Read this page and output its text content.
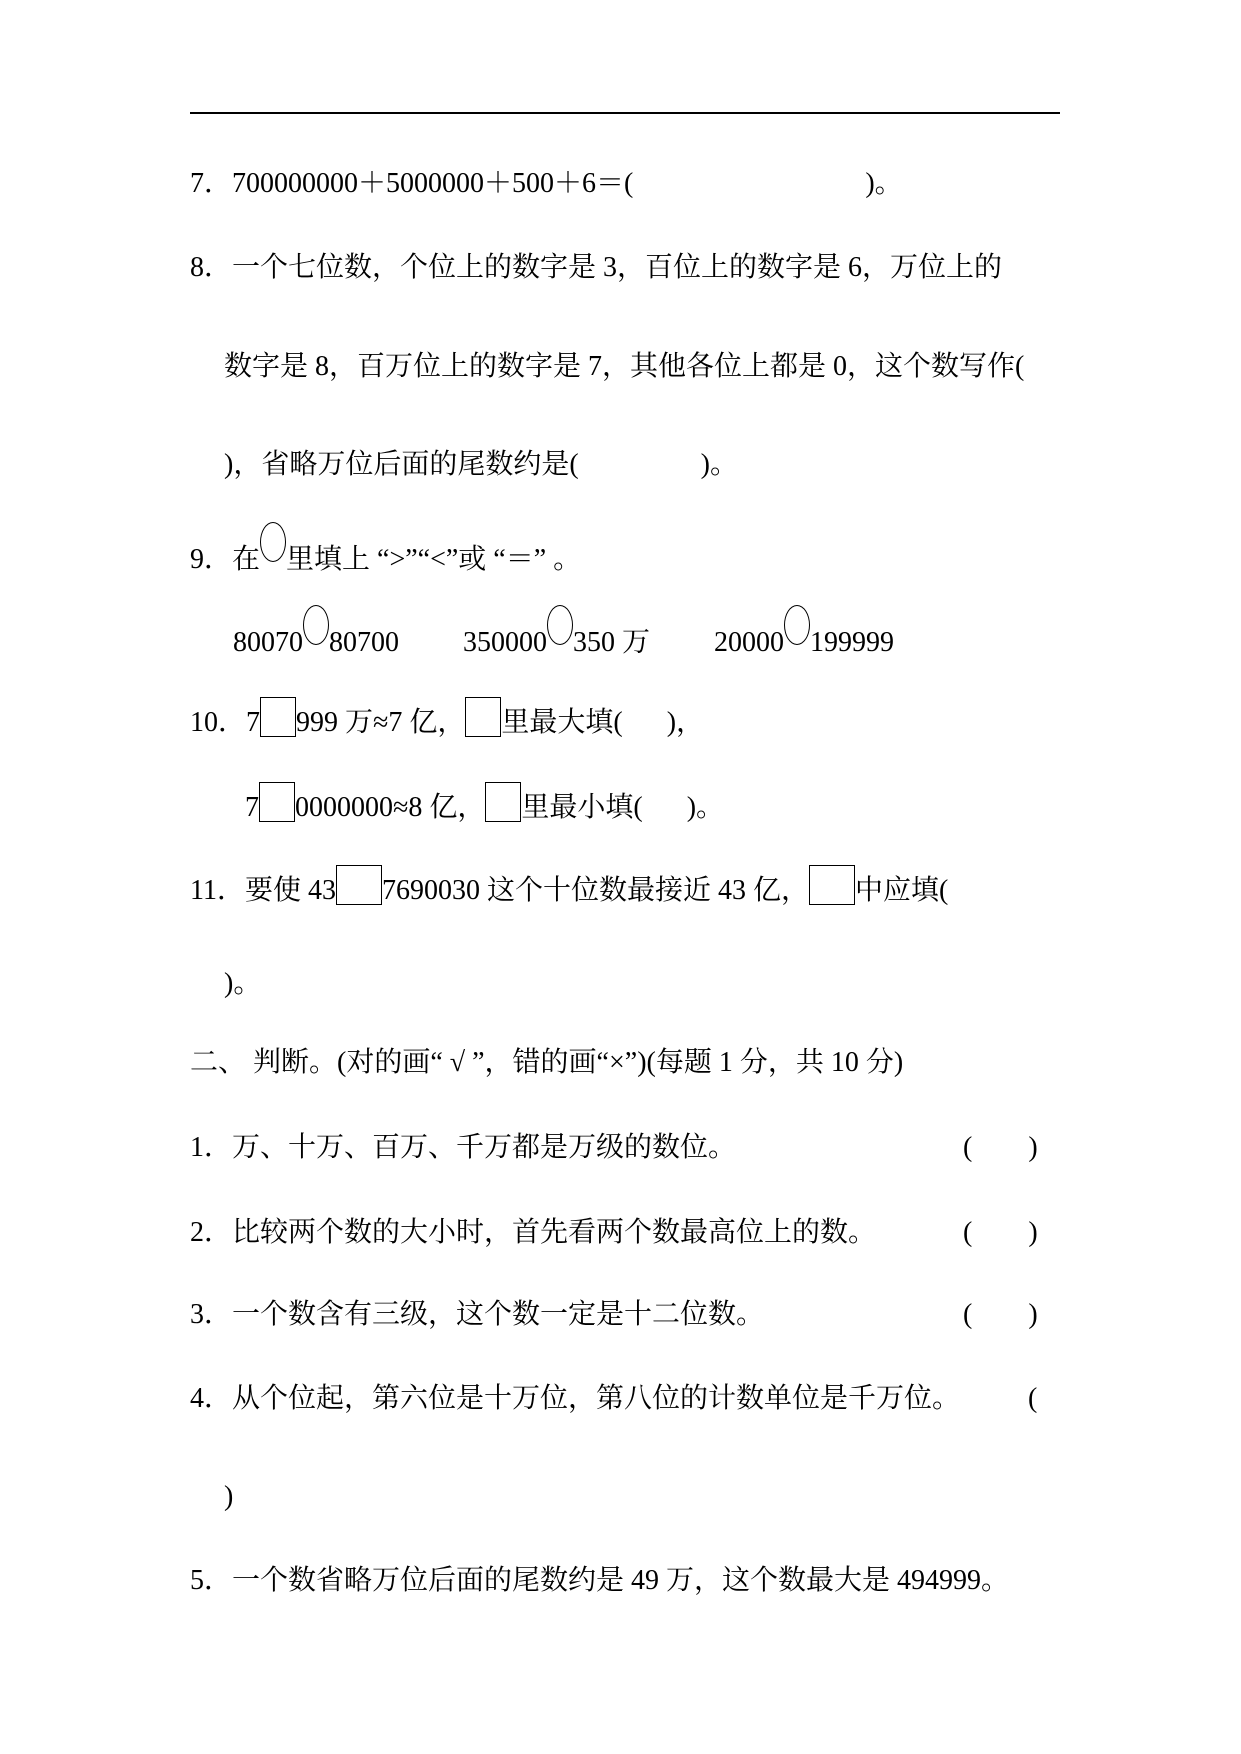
7．700000000＋5000000＋500＋6＝(	)。
8．一个七位数，个位上的数字是 3，百位上的数字是 6，万位上的
数字是 8，百万位上的数字是 7，其他各位上都是 0，这个数写作(
)，省略万位后面的尾数约是(	)。
9．在 里填上 “>”“<”或 “＝” 。
80070 80700 350000 350 万 20000 199999
10．7 999 万≈7 亿， 里最大填( )，
7 0000000≈8 亿， 里最小填( )。
11．要使 43 7690030 这个十位数最接近 43 亿， 中应填(
)。
二、 判断。(对的画“ √ ”，错的画“×”)(每题 1 分，共 10 分)
1．万、十万、百万、千万都是万级的数位。	(　　)
2．比较两个数的大小时，首先看两个数最高位上的数。	(　　)
3．一个数含有三级，这个数一定是十二位数。	(　　)
4．从个位起，第六位是十万位，第八位的计数单位是千万位。 (
)
5．一个数省略万位后面的尾数约是 49 万，这个数最大是 494999。
